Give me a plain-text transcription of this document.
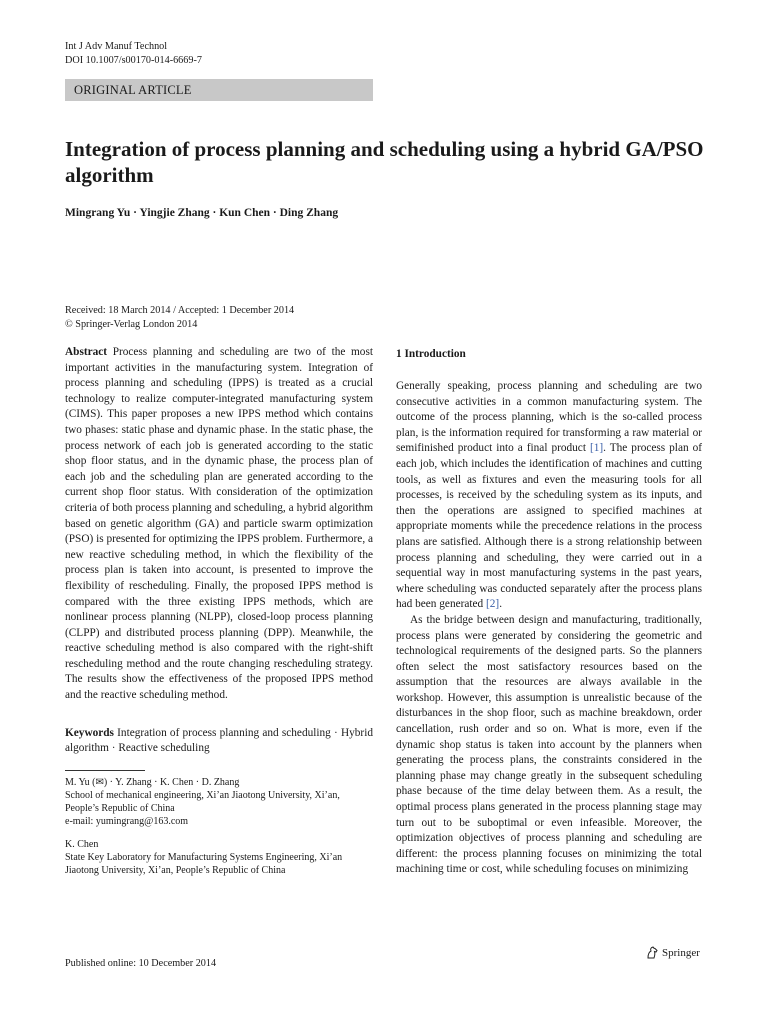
Int J Adv Manuf Technol
DOI 10.1007/s00170-014-6669-7
ORIGINAL ARTICLE
Integration of process planning and scheduling using a hybrid GA/PSO algorithm
Mingrang Yu · Yingjie Zhang · Kun Chen · Ding Zhang
Received: 18 March 2014 / Accepted: 1 December 2014
© Springer-Verlag London 2014

Abstract Process planning and scheduling are two of the most important activities in the manufacturing system. Integration of process planning and scheduling (IPPS) is treated as a crucial technology to realize computer-integrated manufacturing system (CIMS). This paper proposes a new IPPS method which contains two phases: static phase and dynamic phase. In the static phase, the process network of each job is generated according to the static shop floor status, and in the dynamic phase, the process plan of each job and the scheduling plan are generated according to the current shop floor status. With consideration of the optimization criteria of both process planning and scheduling, a hybrid algorithm based on genetic algorithm (GA) and particle swarm optimization (PSO) is presented for optimizing the IPPS problem. Furthermore, a new reactive scheduling method, in which the flexibility of the process plan is taken into account, is presented to improve the flexibility of rescheduling. Finally, the proposed IPPS method is compared with the three existing IPPS methods, which are nonlinear process planning (NLPP), closed-loop process planning (CLPP) and distributed process planning (DPP). Meanwhile, the reactive scheduling method is also compared with the right-shift rescheduling method and the route changing rescheduling strategy. The results show the effectiveness of the proposed IPPS method and the reactive scheduling method.

Keywords Integration of process planning and scheduling · Hybrid algorithm · Reactive scheduling

M. Yu (✉) · Y. Zhang · K. Chen · D. Zhang
School of mechanical engineering, Xi’an Jiaotong University, Xi’an, People’s Republic of China
e-mail: yumingrang@163.com
K. Chen
State Key Laboratory for Manufacturing Systems Engineering, Xi’an Jiaotong University, Xi’an, People’s Republic of China
1 Introduction

Generally speaking, process planning and scheduling are two consecutive activities in a common manufacturing system. The outcome of the process planning, which is the so-called process plan, is the information required for transforming a raw material or semifinished product into a final product [1]. The process plan of each job, which includes the identification of machines and cutting tools, as well as fixtures and even the measuring tools for all processes, is received by the scheduling system as its inputs, and then the operations are assigned to specified machines at appropriate moments while the precedence relations in the process plans are satisfied. Although there is a strong relationship between process planning and scheduling, they were carried out in a sequential way in most manufacturing systems in the past years, where scheduling was conducted separately after the process plans had been generated [2].

As the bridge between design and manufacturing, traditionally, process plans were generated by considering the geometric and technological requirements of the designed parts. So the planners often select the most satisfactory resources based on the assumption that the resources are always available in the workshop. However, this assumption is unrealistic because of the disturbances in the shop floor, such as machine breakdown, order cancellation, rush order and so on. What is more, even if the dynamic shop status is taken into account by the planners when generating the process plans, the constraints considered in the planning phase may change greatly in the subsequent scheduling phase because of the time delay between them. As a result, the optimal process plans generated in the process planning stage may turn out to be suboptimal or even infeasible. Moreover, the optimization objectives of process planning and scheduling are different: the process planning focuses on minimizing the total machining time or cost, while scheduling focuses on minimizing

Published online: 10 December 2014
Springer
